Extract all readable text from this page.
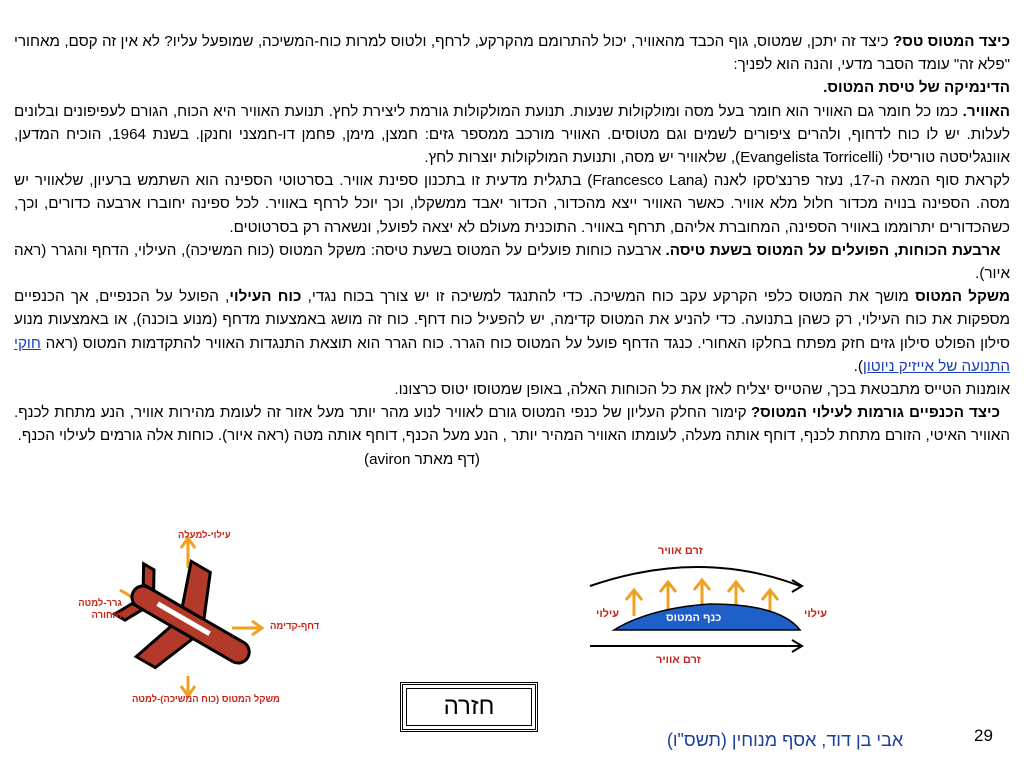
כיצד המטוס טס? כיצד זה יתכן, שמטוס, גוף הכבד מהאוויר, יכול להתרומם מהקרקע, לרחף, ולטוס למרות כוח-המשיכה, שמופעל עליו? לא אין זה קסם, מאחורי "פלא זה" עומד הסבר מדעי, והנה הוא לפניך:

הדינמיקה של טיסת המטוס.

האוויר. כמו כל חומר גם האוויר הוא חומר בעל מסה ומולקולות שנעות. תנועת המולקולות גורמת ליצירת לחץ. תנועת האוויר היא הכוח, הגורם לעפיפונים ובלונים לעלות. יש לו כוח לדחוף, ולהרים ציפורים לשמים וגם מטוסים. האוויר מורכב ממספר גזים: חמצן, מימן, פחמן דו-חמצני וחנקן. בשנת 1964, הוכיח המדען, אוונגליסטה טוריסלי (Evangelista Torricelli), שלאוויר יש מסה, ותנועת המולקולות יוצרות לחץ.

לקראת סוף המאה ה-17, נעזר פרנצ'סקו לאנה (Francesco Lana) בתגלית מדעית זו בתכנון ספינת אוויר. בסרטוטי הספינה הוא השתמש ברעיון, שלאוויר יש מסה. הספינה בנויה מכדור חלול מלא אוויר. כאשר האוויר ייצא מהכדור, הכדור יאבד ממשקלו, וכך יוכל לרחף באוויר. לכל ספינה יחוברו ארבעה כדורים, וכך, כשהכדורים יתרוממו באוויר הספינה, המחוברת אליהם, תרחף באוויר. התוכנית מעולם לא יצאה לפועל, ונשארה רק בסרטוטים.

ארבעת הכוחות, הפועלים על המטוס בשעת טיסה. ארבעה כוחות פועלים על המטוס בשעת טיסה: משקל המטוס (כוח המשיכה), העילוי, הדחף והגרר (ראה איור).

משקל המטוס מושך את המטוס כלפי הקרקע עקב כוח המשיכה. כדי להתנגד למשיכה זו יש צורך בכוח נגדי, כוח העילוי, הפועל על הכנפיים, אך הכנפיים מספקות את כוח העילוי, רק כשהן בתנועה. כדי להניע את המטוס קדימה, יש להפעיל כוח דחף. כוח זה מושג באמצעות מדחף (מנוע בוכנה), או באמצעות מנוע סילון הפולט סילון גזים חזק מפתח בחלקו האחורי. כנגד הדחף פועל על המטוס כוח הגרר. כוח הגרר הוא תוצאת התנגדות האוויר להתקדמות המטוס (ראה חוקי התנועה של אייזיק ניוטון).

אומנות הטייס מתבטאת בכך, שהטייס יצליח לאזן את כל הכוחות האלה, באופן שמטוסו יטוס כרצונו.

כיצד הכנפיים גורמות לעילוי המטוס? קימור החלק העליון של כנפי המטוס גורם לאוויר לנוע מהר יותר מעל אזור זה לעומת מהירות אוויר, הנע מתחת לכנף. האוויר האיטי, הזורם מתחת לכנף, דוחף אותה מעלה, לעומתו האוויר המהיר יותר , הנע מעל הכנף, דוחף אותה מטה (ראה איור). כוחות אלה גורמים לעילוי הכנף.

(דף מאתר aviron)

עילוי-למעלה
גרר-למטה ואחורה
דחף-קדימה
משקל המטוס (כוח המשיכה)-למטה
זרם אוויר
עילוי	עילוי
כנף המטוס
זרם אוויר
חזרה
אבי בן דוד, אסף מנוחין (תשס"ו)	29
